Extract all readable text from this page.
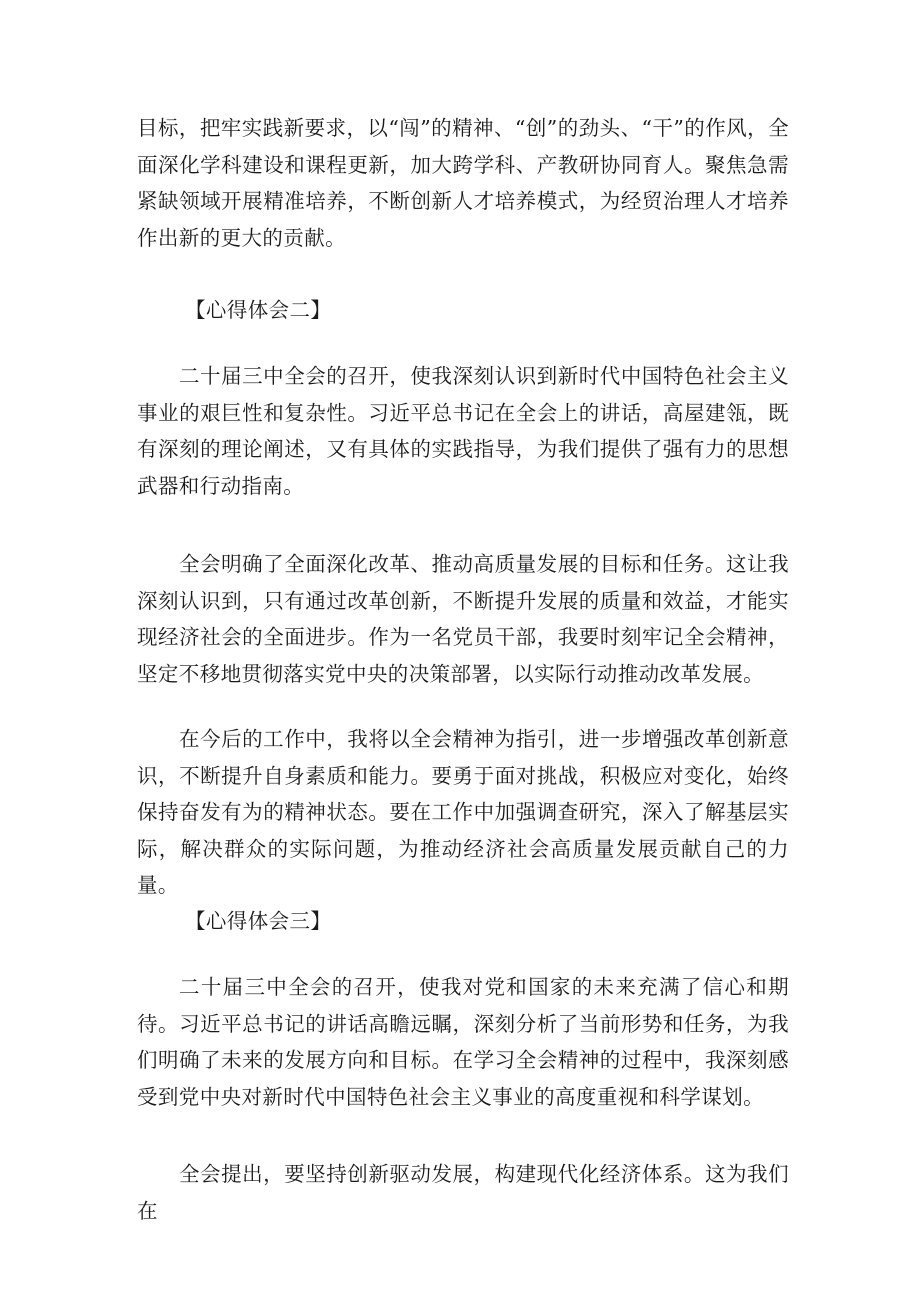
目标，把牢实践新要求，以“闯”的精神、“创”的劲头、“干”的作风，全面深化学科建设和课程更新，加大跨学科、产教研协同育人。聚焦急需紧缺领域开展精准培养，不断创新人才培养模式，为经贸治理人才培养作出新的更大的贡献。

【心得体会二】

二十届三中全会的召开，使我深刻认识到新时代中国特色社会主义事业的艰巨性和复杂性。习近平总书记在全会上的讲话，高屋建瓴，既有深刻的理论阐述，又有具体的实践指导，为我们提供了强有力的思想武器和行动指南。

全会明确了全面深化改革、推动高质量发展的目标和任务。这让我深刻认识到，只有通过改革创新，不断提升发展的质量和效益，才能实现经济社会的全面进步。作为一名党员干部，我要时刻牢记全会精神，坚定不移地贯彻落实党中央的决策部署，以实际行动推动改革发展。

在今后的工作中，我将以全会精神为指引，进一步增强改革创新意识，不断提升自身素质和能力。要勇于面对挑战，积极应对变化，始终保持奋发有为的精神状态。要在工作中加强调查研究，深入了解基层实际，解决群众的实际问题，为推动经济社会高质量发展贡献自己的力量。

【心得体会三】

二十届三中全会的召开，使我对党和国家的未来充满了信心和期待。习近平总书记的讲话高瞻远瞩，深刻分析了当前形势和任务，为我们明确了未来的发展方向和目标。在学习全会精神的过程中，我深刻感受到党中央对新时代中国特色社会主义事业的高度重视和科学谋划。

全会提出，要坚持创新驱动发展，构建现代化经济体系。这为我们在
